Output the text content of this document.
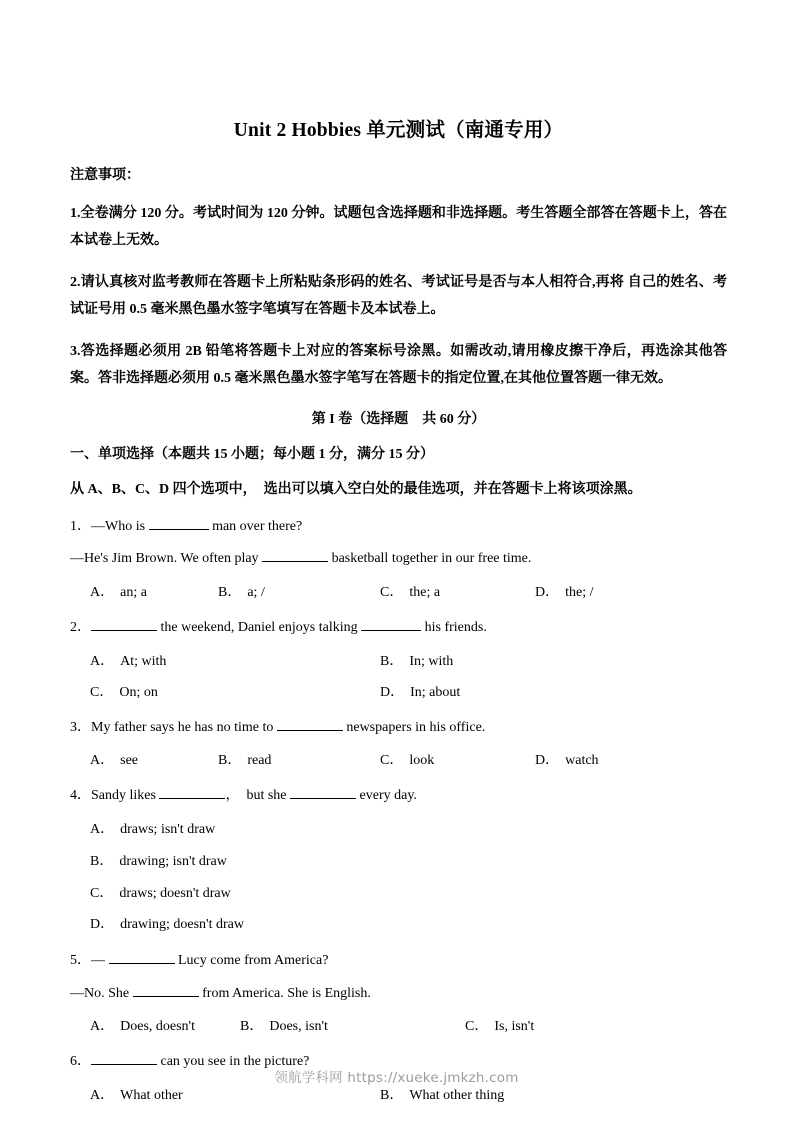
Unit 2 Hobbies 单元测试（南通专用）

注意事项：

1.全卷满分 120 分。考试时间为 120 分钟。试题包含选择题和非选择题。考生答题全部答在答题卡上，答在本试卷上无效。

2.请认真核对监考教师在答题卡上所粘贴条形码的姓名、考试证号是否与本人相符合,再将 自己的姓名、考试证号用 0.5 毫米黑色墨水签字笔填写在答题卡及本试卷上。

3.答选择题必须用 2B 铅笔将答题卡上对应的答案标号涂黑。如需改动,请用橡皮擦干净后，再选涂其他答案。答非选择题必须用 0.5 毫米黑色墨水签字笔写在答题卡的指定位置,在其他位置答题一律无效。

第 I 卷（选择题　共 60 分）

一、单项选择（本题共 15 小题；每小题 1 分，满分 15 分）

从 A、B、C、D 四个选项中，　选出可以填入空白处的最佳选项，并在答题卡上将该项涂黑。

1．—Who is	man over there?

—He's Jim Brown. We often play	basketball together in our free time.

A． an; a	B． a; /	C． the; a	D． the; /

2．	the weekend, Daniel enjoys talking	his friends.

A． At; with	B． In; with
C． On; on	D． In; about

3．My father says he has no time to	newspapers in his office.

A． see	B． read	C． look	D． watch

4．Sandy likes	，　but she	every day.

A． draws; isn't draw
B． drawing; isn't draw
C． draws; doesn't draw
D． drawing; doesn't draw

5．—	Lucy come from America?

—No. She	from America. She is English.

A． Does, doesn't	B． Does, isn't	C． Is, isn't

6．	can you see in the picture?

A． What other	B． What other thing
领航学科网 https://xueke.jmkzh.com
